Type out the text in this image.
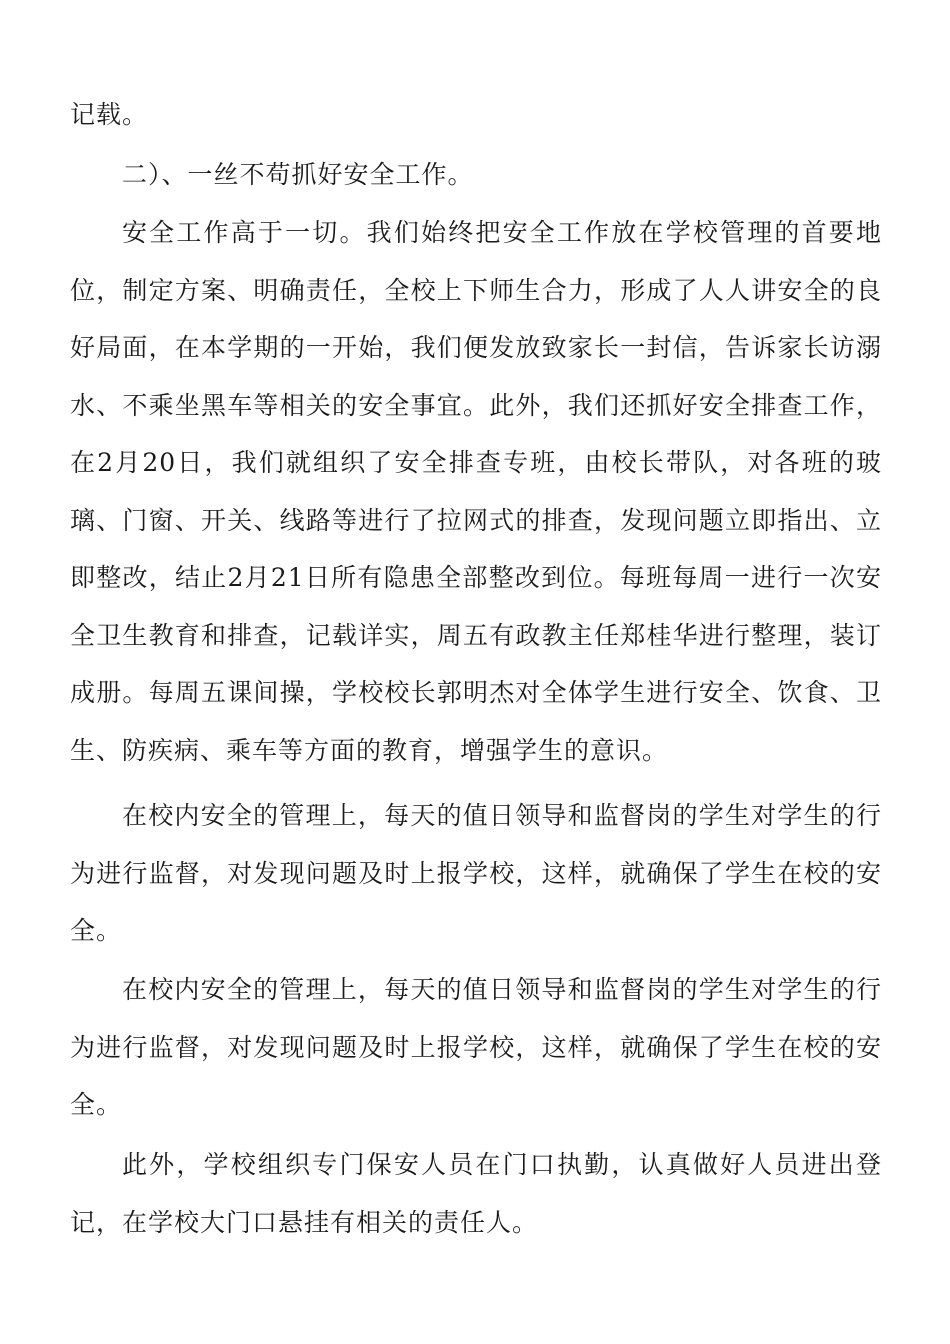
记载。

二）、一丝不苟抓好安全工作。

安全工作高于一切。我们始终把安全工作放在学校管理的首要地位，制定方案、明确责任，全校上下师生合力，形成了人人讲安全的良好局面，在本学期的一开始，我们便发放致家长一封信，告诉家长访溺水、不乘坐黑车等相关的安全事宜。此外，我们还抓好安全排查工作，在2月20日，我们就组织了安全排查专班，由校长带队，对各班的玻璃、门窗、开关、线路等进行了拉网式的排查，发现问题立即指出、立即整改，结止2月21日所有隐患全部整改到位。每班每周一进行一次安全卫生教育和排查，记载详实，周五有政教主任郑桂华进行整理，装订成册。每周五课间操，学校校长郭明杰对全体学生进行安全、饮食、卫生、防疾病、乘车等方面的教育，增强学生的意识。

在校内安全的管理上，每天的值日领导和监督岗的学生对学生的行为进行监督，对发现问题及时上报学校，这样，就确保了学生在校的安全。

在校内安全的管理上，每天的值日领导和监督岗的学生对学生的行为进行监督，对发现问题及时上报学校，这样，就确保了学生在校的安全。

此外，学校组织专门保安人员在门口执勤，认真做好人员进出登记，在学校大门口悬挂有相关的责任人。
